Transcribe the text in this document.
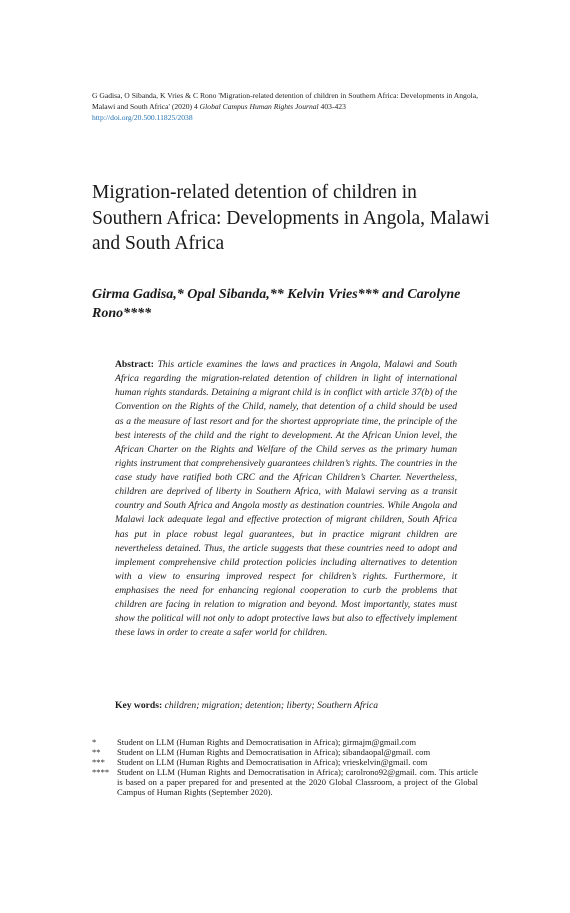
G Gadisa, O Sibanda, K Vries & C Rono 'Migration-related detention of children in Southern Africa: Developments in Angola, Malawi and South Africa' (2020) 4 Global Campus Human Rights Journal 403-423
http://doi.org/20.500.11825/2038
Migration-related detention of children in Southern Africa: Developments in Angola, Malawi and South Africa
Girma Gadisa,* Opal Sibanda,** Kelvin Vries*** and Carolyne Rono****
Abstract: This article examines the laws and practices in Angola, Malawi and South Africa regarding the migration-related detention of children in light of international human rights standards. Detaining a migrant child is in conflict with article 37(b) of the Convention on the Rights of the Child, namely, that detention of a child should be used as a the measure of last resort and for the shortest appropriate time, the principle of the best interests of the child and the right to development. At the African Union level, the African Charter on the Rights and Welfare of the Child serves as the primary human rights instrument that comprehensively guarantees children’s rights. The countries in the case study have ratified both CRC and the African Children’s Charter. Nevertheless, children are deprived of liberty in Southern Africa, with Malawi serving as a transit country and South Africa and Angola mostly as destination countries. While Angola and Malawi lack adequate legal and effective protection of migrant children, South Africa has put in place robust legal guarantees, but in practice migrant children are nevertheless detained. Thus, the article suggests that these countries need to adopt and implement comprehensive child protection policies including alternatives to detention with a view to ensuring improved respect for children’s rights. Furthermore, it emphasises the need for enhancing regional cooperation to curb the problems that children are facing in relation to migration and beyond. Most importantly, states must show the political will not only to adopt protective laws but also to effectively implement these laws in order to create a safer world for children.
Key words: children; migration; detention; liberty; Southern Africa
*	Student on LLM (Human Rights and Democratisation in Africa); girmajm@gmail.com
**	Student on LLM (Human Rights and Democratisation in Africa); sibandaopal@gmail. com
***	Student on LLM (Human Rights and Democratisation in Africa); vrieskelvin@gmail. com
**** Student on LLM (Human Rights and Democratisation in Africa); carolrono92@gmail. com. This article is based on a paper prepared for and presented at the 2020 Global Classroom, a project of the Global Campus of Human Rights (September 2020).
